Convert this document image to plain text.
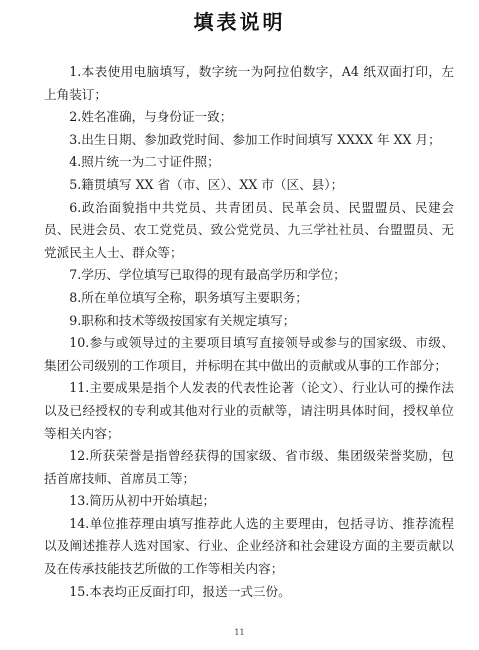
填表说明

1.本表使用电脑填写，数字统一为阿拉伯数字，A4 纸双面打印，左上角装订；

2.姓名准确，与身份证一致；

3.出生日期、参加政党时间、参加工作时间填写 XXXX 年 XX 月；

4.照片统一为二寸证件照；

5.籍贯填写 XX 省（市、区）、XX 市（区、县）；

6.政治面貌指中共党员、共青团员、民革会员、民盟盟员、民建会员、民进会员、农工党党员、致公党党员、九三学社社员、台盟盟员、无党派民主人士、群众等；

7.学历、学位填写已取得的现有最高学历和学位；

8.所在单位填写全称，职务填写主要职务；

9.职称和技术等级按国家有关规定填写；

10.参与或领导过的主要项目填写直接领导或参与的国家级、市级、集团公司级别的工作项目，并标明在其中做出的贡献或从事的工作部分；

11.主要成果是指个人发表的代表性论著（论文）、行业认可的操作法以及已经授权的专利或其他对行业的贡献等，请注明具体时间，授权单位等相关内容；

12.所获荣誉是指曾经获得的国家级、省市级、集团级荣誉奖励，包括首席技师、首席员工等；

13.简历从初中开始填起；

14.单位推荐理由填写推荐此人选的主要理由，包括寻访、推荐流程以及阐述推荐人选对国家、行业、企业经济和社会建设方面的主要贡献以及在传承技能技艺所做的工作等相关内容；

15.本表均正反面打印，报送一式三份。

11
